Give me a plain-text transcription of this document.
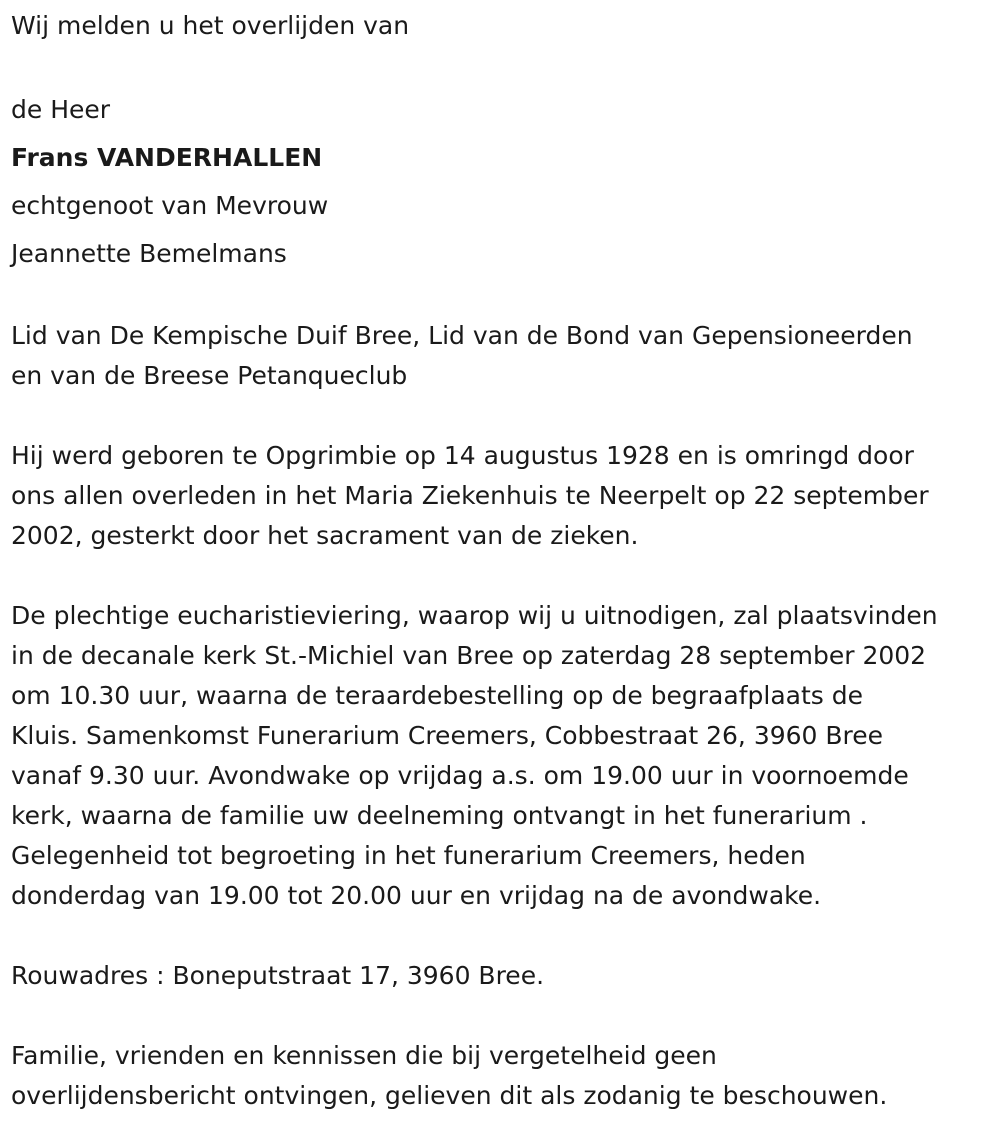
Wij melden u het overlijden van
de Heer
Frans VANDERHALLEN
echtgenoot van Mevrouw
Jeannette Bemelmans
Lid van De Kempische Duif Bree, Lid van de Bond van Gepensioneerden
en van de Breese Petanqueclub
Hij werd geboren te Opgrimbie op 14 augustus 1928 en is omringd door
ons allen overleden in het Maria Ziekenhuis te Neerpelt op 22 september
2002, gesterkt door het sacrament van de zieken.
De plechtige eucharistieviering, waarop wij u uitnodigen, zal plaatsvinden
in de decanale kerk St.-Michiel van Bree op zaterdag 28 september 2002
om 10.30 uur, waarna de teraardebestelling op de begraafplaats de
Kluis. Samenkomst Funerarium Creemers, Cobbestraat 26, 3960 Bree
vanaf 9.30 uur. Avondwake op vrijdag a.s. om 19.00 uur in voornoemde
kerk, waarna de familie uw deelneming ontvangt in het funerarium .
Gelegenheid tot begroeting in het funerarium Creemers, heden
donderdag van 19.00 tot 20.00 uur en vrijdag na de avondwake.
Rouwadres : Boneputstraat 17, 3960 Bree.
Familie, vrienden en kennissen die bij vergetelheid geen
overlijdensbericht ontvingen, gelieven dit als zodanig te beschouwen.
